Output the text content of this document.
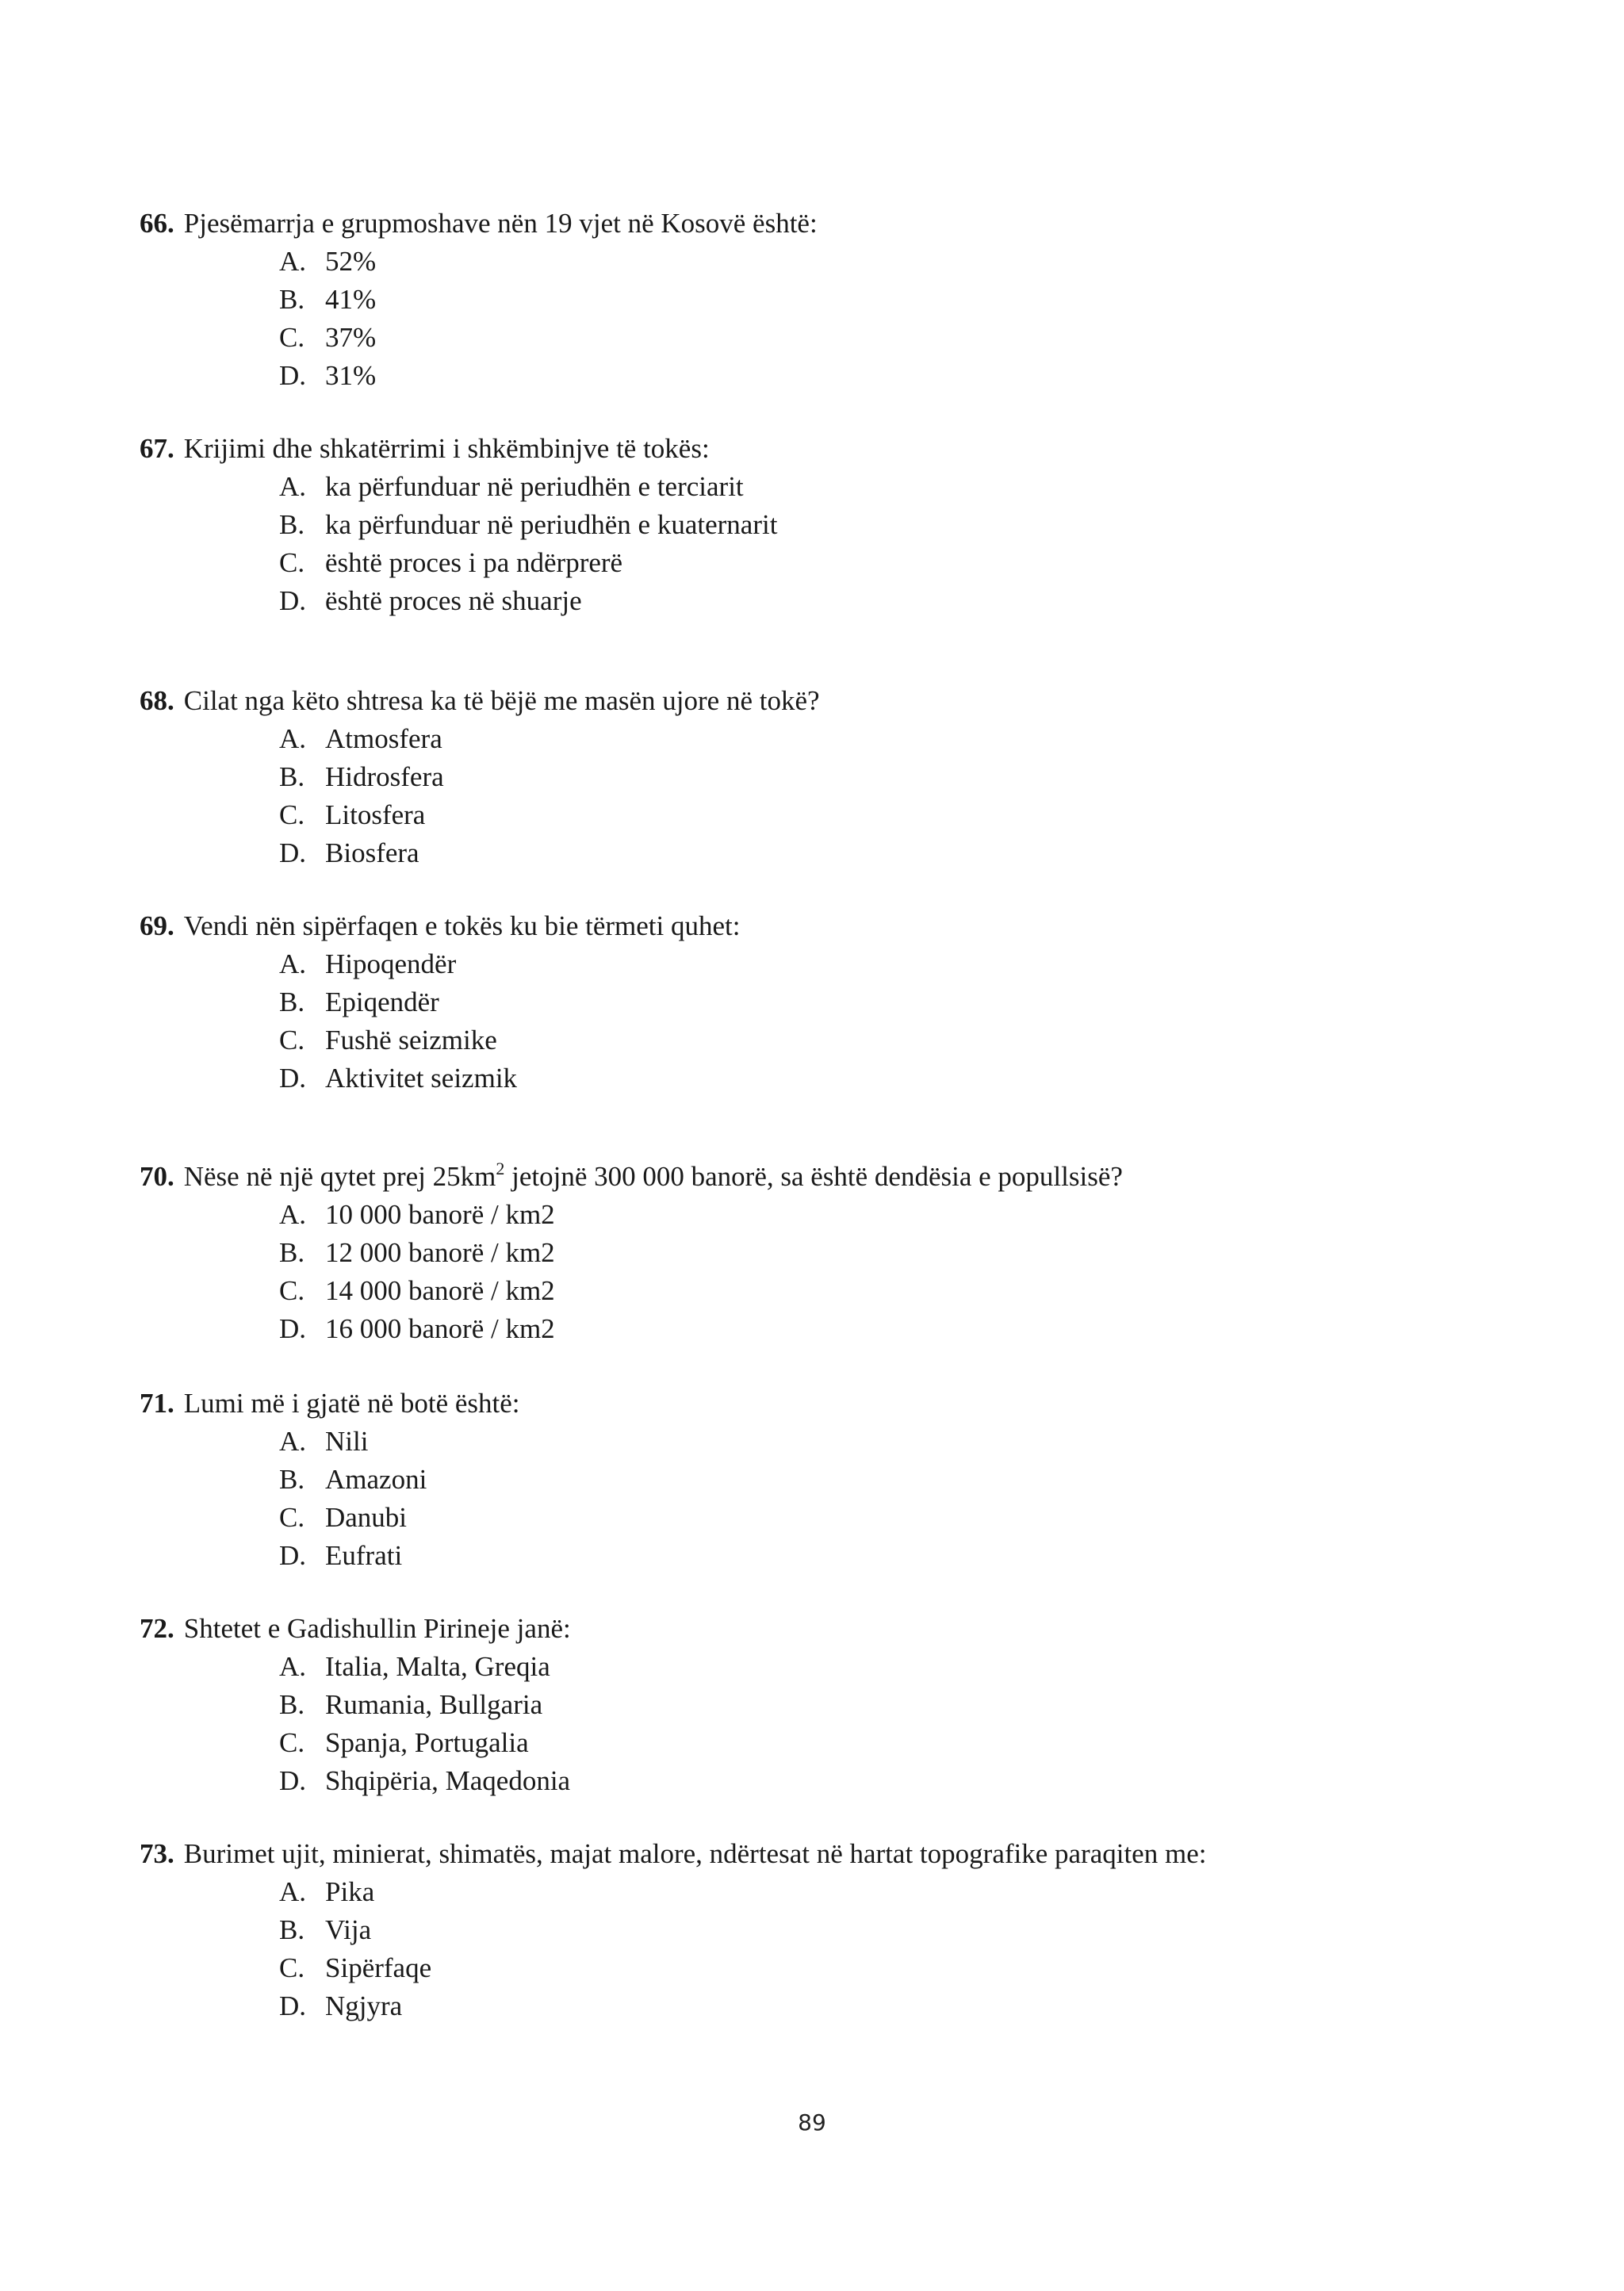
66. Pjesëmarrja e grupmoshave nën 19 vjet në Kosovë është:
A. 52%
B. 41%
C. 37%
D. 31%
67. Krijimi dhe shkatërrimi i shkëmbinjve të tokës:
A. ka përfunduar në periudhën e terciarit
B. ka përfunduar në periudhën e kuaternarit
C. është proces i pa ndërprerë
D. është proces në shuarje
68. Cilat nga këto shtresa ka të bëjë me masën ujore në tokë?
A. Atmosfera
B. Hidrosfera
C. Litosfera
D. Biosfera
69. Vendi nën sipërfaqen e tokës ku bie tërmeti quhet:
A. Hipoqendër
B. Epiqendër
C. Fushë seizmike
D. Aktivitet seizmik
70. Nëse në një qytet prej $25km^2$ jetojnë 300 000 banorë, sa është dendësia e popullsisë?
A. 10 000 banorë / km2
B. 12 000 banorë / km2
C. 14 000 banorë / km2
D. 16 000 banorë / km2
71. Lumi më i gjatë në botë është:
A. Nili
B. Amazoni
C. Danubi
D. Eufrati
72. Shtetet e Gadishullin Pirineje janë:
A. Italia, Malta, Greqia
B. Rumania, Bullgaria
C. Spanja, Portugalia
D. Shqipëria, Maqedonia
73. Burimet ujit, minierat, shimatës, majat malore, ndërtesat në hartat topografike paraqiten me:
A. Pika
B. Vija
C. Sipërfaqe
D. Ngjyra
89
